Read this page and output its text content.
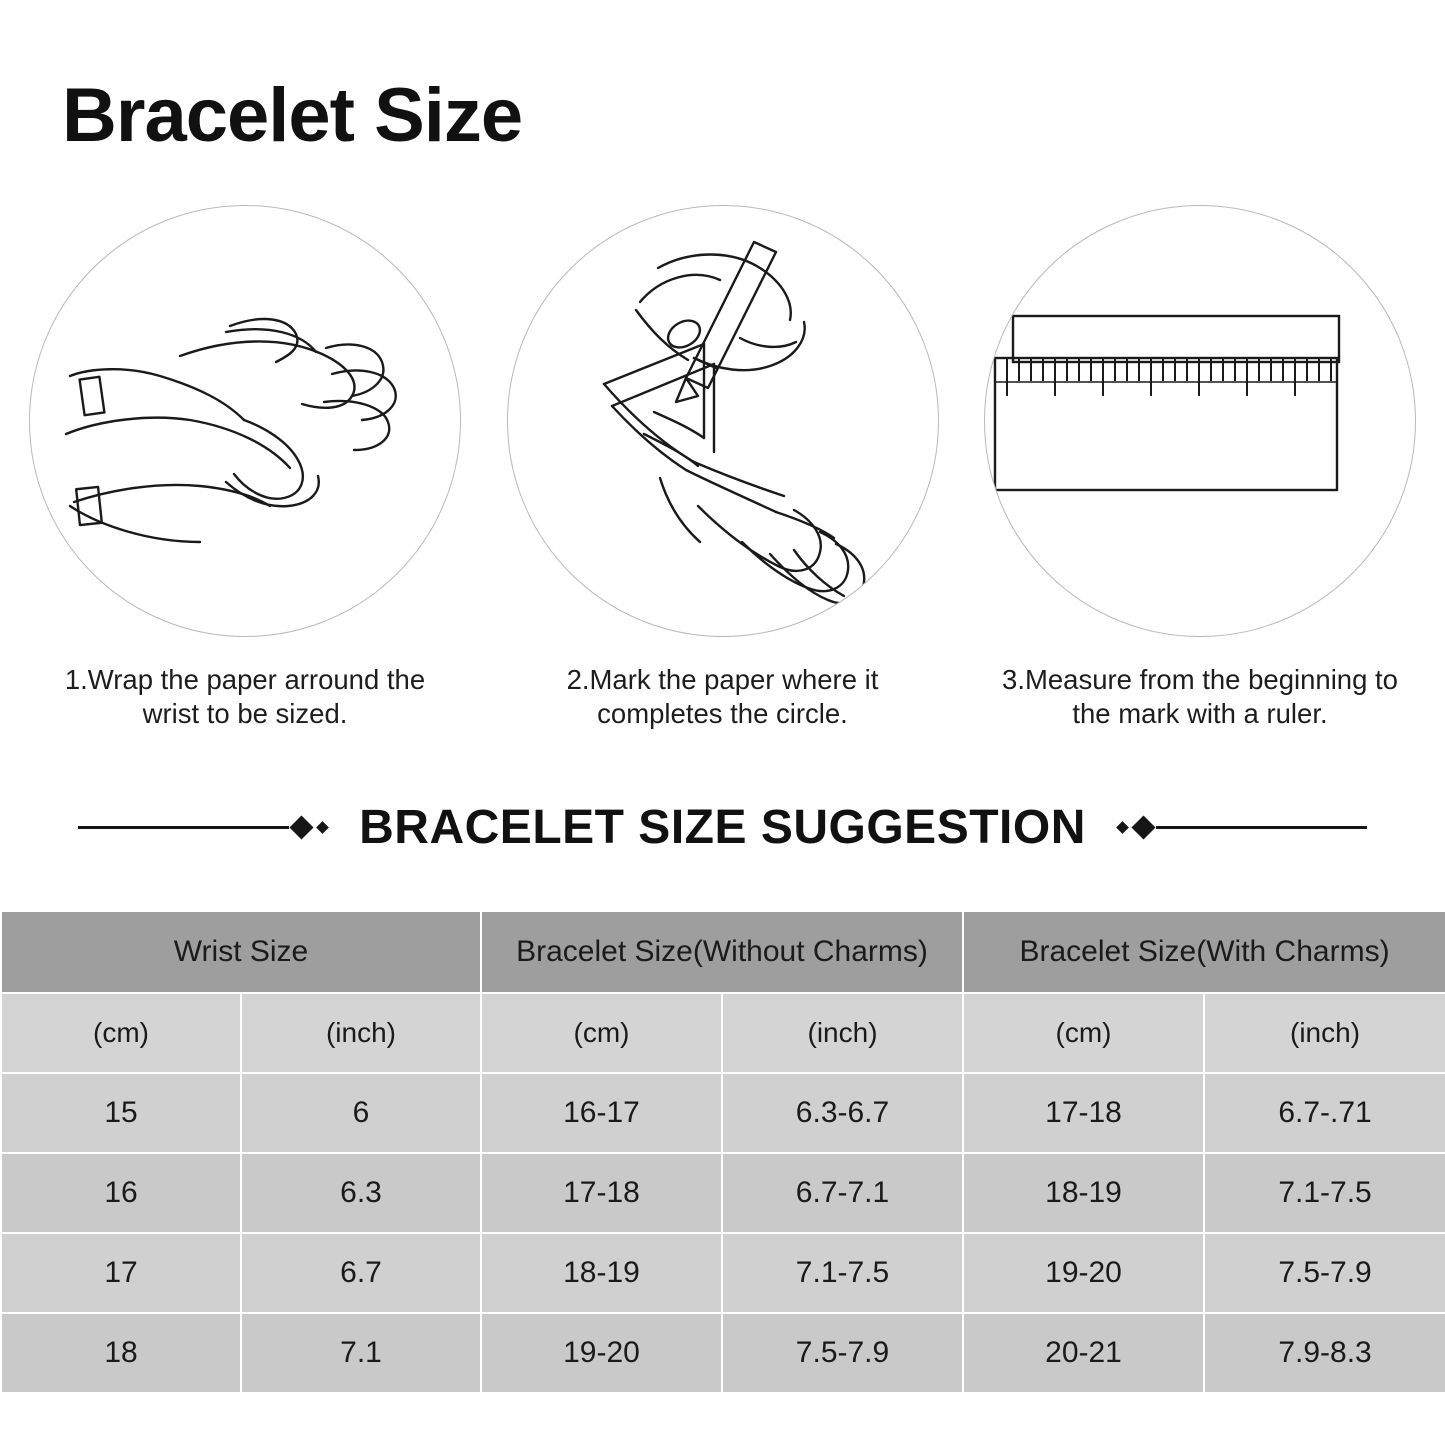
Bracelet Size
1.Wrap the paper arround the
wrist to be sized.
2.Mark the paper where it
completes the circle.
3.Measure from the beginning to
the mark with a ruler.
BRACELET SIZE SUGGESTION
Wrist Size		Bracelet Size(Without Charms)		Bracelet Size(With Charms)	
(cm)	(inch)	(cm)	(inch)	(cm)	(inch)
15	6	16-17	6.3-6.7	17-18	6.7-.71
16	6.3	17-18	6.7-7.1	18-19	7.1-7.5
17	6.7	18-19	7.1-7.5	19-20	7.5-7.9
18	7.1	19-20	7.5-7.9	20-21	7.9-8.3
